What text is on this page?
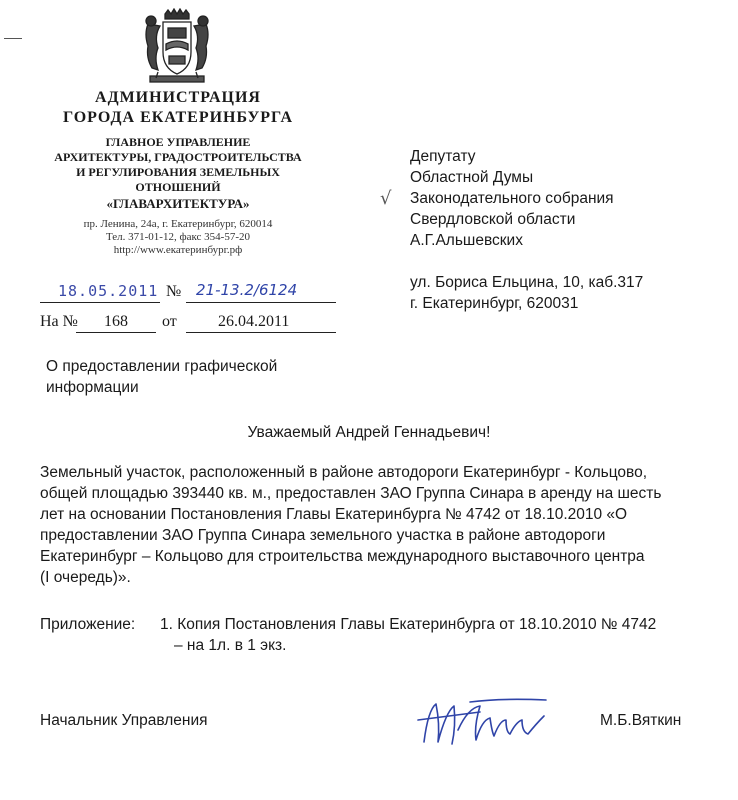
АДМИНИСТРАЦИЯ
ГОРОДА ЕКАТЕРИНБУРГА
ГЛАВНОЕ УПРАВЛЕНИЕ
АРХИТЕКТУРЫ, ГРАДОСТРОИТЕЛЬСТВА
И РЕГУЛИРОВАНИЯ ЗЕМЕЛЬНЫХ
ОТНОШЕНИЙ
«ГЛАВАРХИТЕКТУРА»
пр. Ленина, 24а, г. Екатеринбург, 620014
Тел. 371-01-12, факс 354-57-20
http://www.екатеринбург.рф
18.05.2011 № 21-13.2/6124
На № 168 от	26.04.2011
√
Депутату
Областной Думы
Законодательного собрания
Свердловской области
А.Г.Альшевских
ул. Бориса Ельцина, 10, каб.317
г. Екатеринбург, 620031
О предоставлении графической
информации
Уважаемый Андрей Геннадьевич!
Земельный участок, расположенный в районе автодороги Екатеринбург - Кольцово,
общей площадью 393440 кв. м., предоставлен ЗАО Группа Синара в аренду на шесть
лет на основании Постановления Главы Екатеринбурга № 4742 от 18.10.2010 «О
предоставлении ЗАО Группа Синара земельного участка в районе автодороги
Екатеринбург – Кольцово для строительства международного выставочного центра
(I очередь)».
Приложение: 1. Копия Постановления Главы Екатеринбурга от 18.10.2010 № 4742
– на 1л. в 1 экз.
Начальник Управления	М.Б.Вяткин
